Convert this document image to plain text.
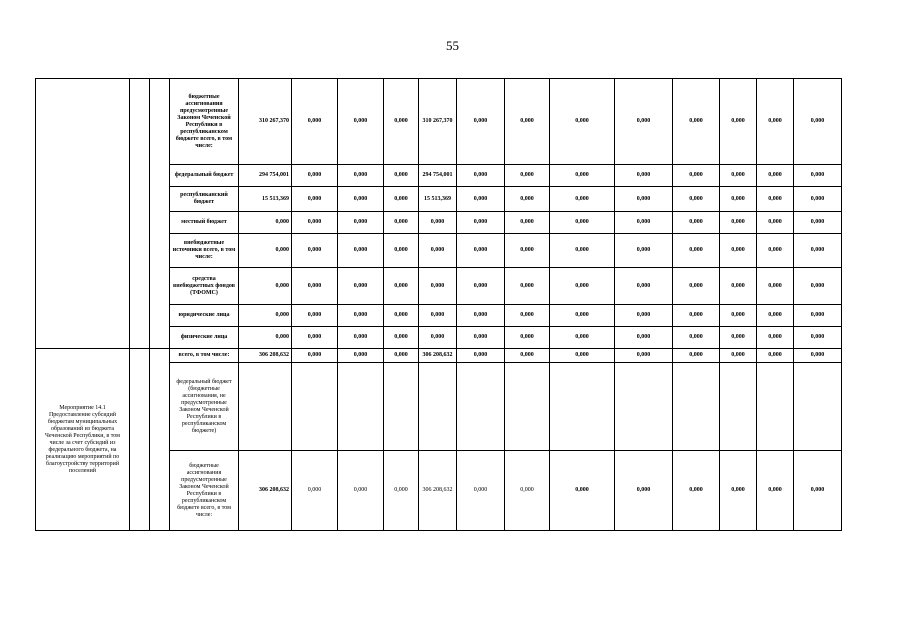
55
			бюджетные ассигнования предусмотренные Законом Чеченской Республики в республиканском бюджете всего, в том числе:	310 267,370	0,000	0,000	0,000	310 267,370	0,000	0,000	0,000	0,000	0,000	0,000	0,000	0,000
			федеральный бюджет	294 754,001	0,000	0,000	0,000	294 754,001	0,000	0,000	0,000	0,000	0,000	0,000	0,000	0,000
			республиканский бюджет	15 513,369	0,000	0,000	0,000	15 513,369	0,000	0,000	0,000	0,000	0,000	0,000	0,000	0,000
			местный бюджет	0,000	0,000	0,000	0,000	0,000	0,000	0,000	0,000	0,000	0,000	0,000	0,000	0,000
			внебюджетные источники всего, в том числе:	0,000	0,000	0,000	0,000	0,000	0,000	0,000	0,000	0,000	0,000	0,000	0,000	0,000
			средства внебюджетных фондов (ТФОМС)	0,000	0,000	0,000	0,000	0,000	0,000	0,000	0,000	0,000	0,000	0,000	0,000	0,000
			юридические лица	0,000	0,000	0,000	0,000	0,000	0,000	0,000	0,000	0,000	0,000	0,000	0,000	0,000
			физические лица	0,000	0,000	0,000	0,000	0,000	0,000	0,000	0,000	0,000	0,000	0,000	0,000	0,000
Мероприятие 14.1 Предоставление субсидий бюджетам муниципальных образований из бюджета Чеченской Республики, в том числе за счет субсидий из федерального бюджета, на реализацию мероприятий по благоустройству территорий поселений			всего, в том числе:	306 208,632	0,000	0,000	0,000	306 208,632	0,000	0,000	0,000	0,000	0,000	0,000	0,000	0,000
			федеральный бюджет (бюджетные ассигнования, не предусмотренные Законом Чеченской Республики в республиканском бюджете)													
			бюджетные ассигнования предусмотренные Законом Чеченской Республики в республиканском бюджете всего, в том числе:	306 208,632	0,000	0,000	0,000	306 208,632	0,000	0,000	0,000	0,000	0,000	0,000	0,000	0,000
